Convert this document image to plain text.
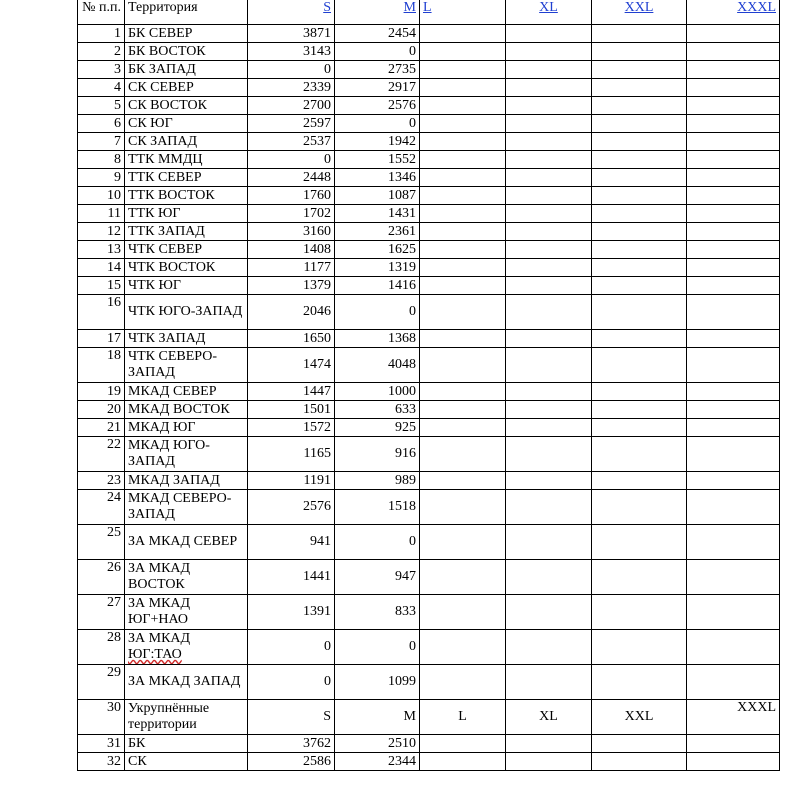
№ п.п.	Территория	S	M	L	XL	XXL	XXXL
1	БК СЕВЕР	3871	2454				
2	БК ВОСТОК	3143	0				
3	БК ЗАПАД	0	2735				
4	СК СЕВЕР	2339	2917				
5	СК ВОСТОК	2700	2576				
6	СК ЮГ	2597	0				
7	СК ЗАПАД	2537	1942				
8	ТТК ММДЦ	0	1552				
9	ТТК СЕВЕР	2448	1346				
10	ТТК ВОСТОК	1760	1087				
11	ТТК ЮГ	1702	1431				
12	ТТК ЗАПАД	3160	2361				
13	ЧТК СЕВЕР	1408	1625				
14	ЧТК ВОСТОК	1177	1319				
15	ЧТК ЮГ	1379	1416				
16	ЧТК ЮГО-ЗАПАД	2046	0				
17	ЧТК ЗАПАД	1650	1368				
18	ЧТК СЕВЕРО-ЗАПАД	1474	4048				
19	МКАД СЕВЕР	1447	1000				
20	МКАД ВОСТОК	1501	633				
21	МКАД ЮГ	1572	925				
22	МКАД ЮГО-ЗАПАД	1165	916				
23	МКАД ЗАПАД	1191	989				
24	МКАД СЕВЕРО-ЗАПАД	2576	1518				
25	ЗА МКАД СЕВЕР	941	0				
26	ЗА МКАД ВОСТОК	1441	947				
27	ЗА МКАД ЮГ+НАО	1391	833				
28	ЗА МКАД ЮГ:ТАО	0	0				
29	ЗА МКАД ЗАПАД	0	1099				
30	Укрупнённые территории	S	M	L	XL	XXL	XXXL
31	БК	3762	2510				
32	СК	2586	2344				
